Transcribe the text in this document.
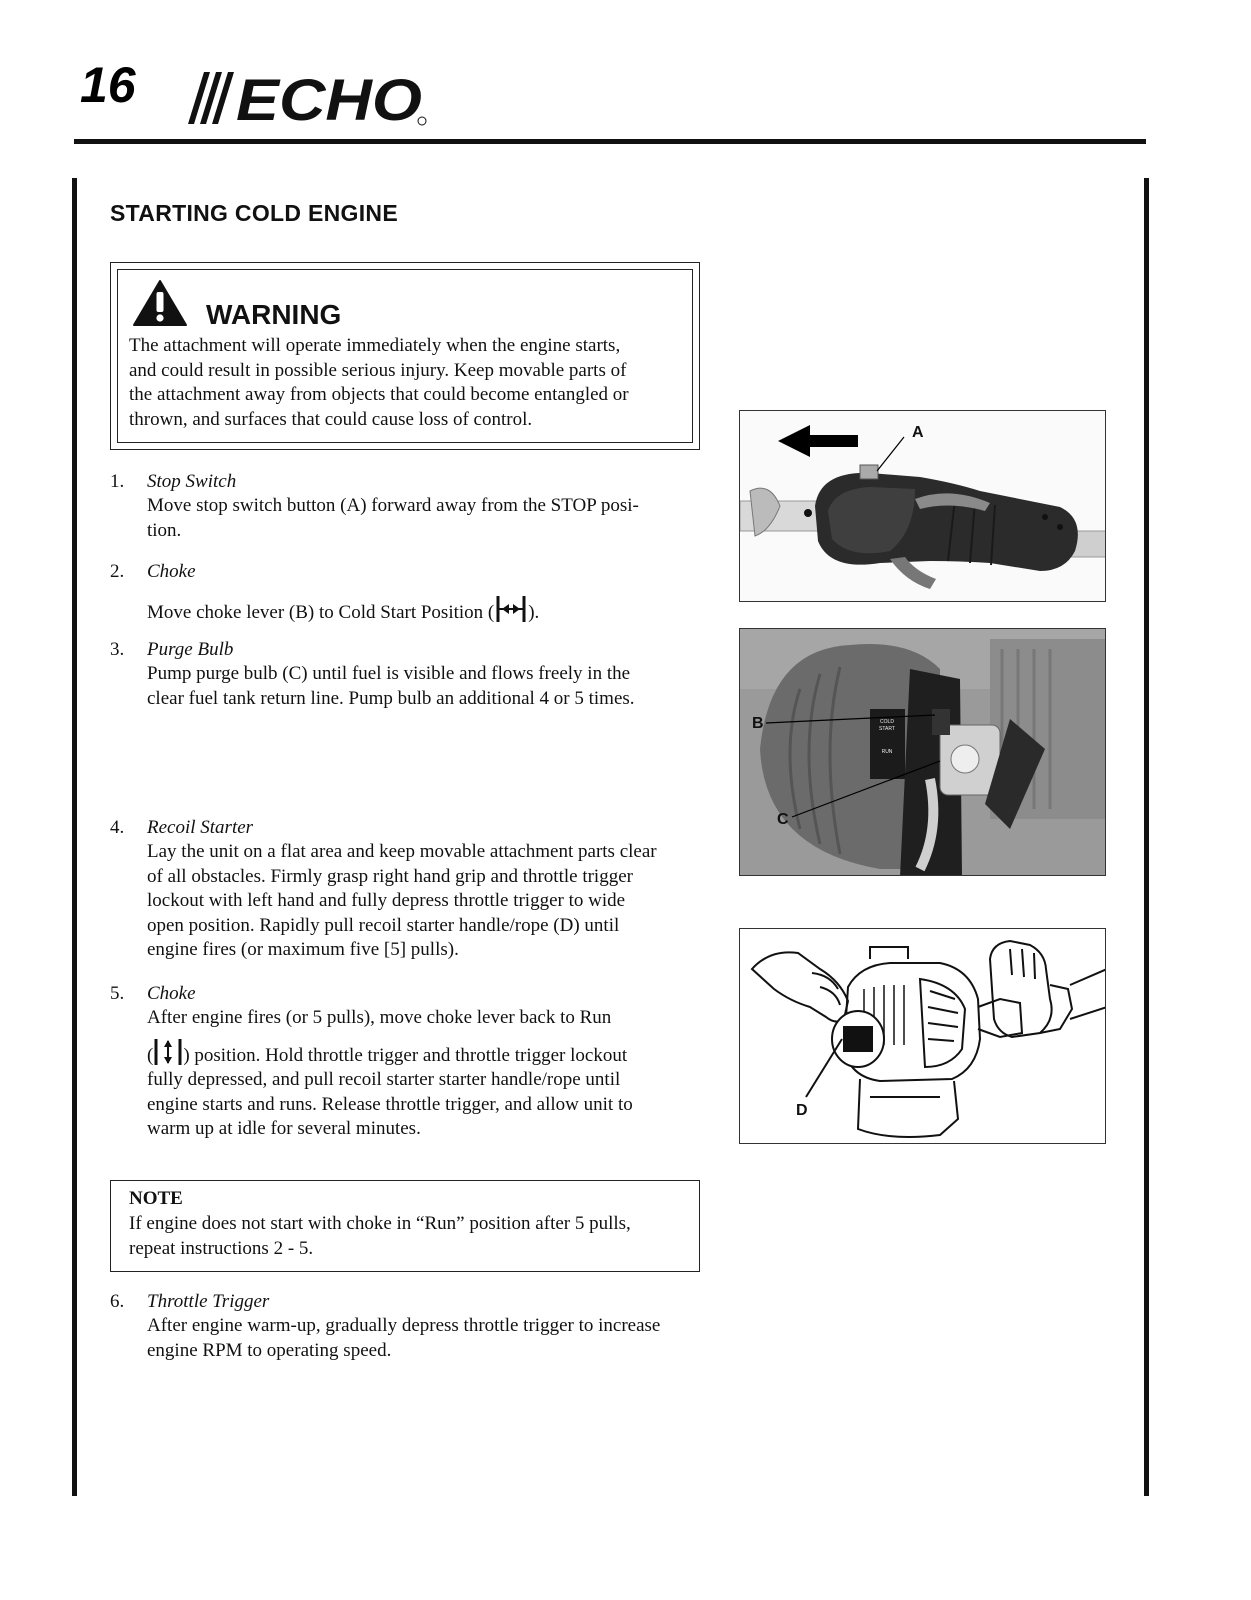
16 ECHO
STARTING COLD ENGINE
WARNING
The attachment will operate immediately when the engine starts,
and could result in possible serious injury. Keep movable parts of
the attachment away from objects that could become entangled or
thrown, and surfaces that could cause loss of control.
1. Stop Switch
Move stop switch button (A) forward away from the STOP posi-
tion.
2. Choke
Move choke lever (B) to Cold Start Position ( ).
3. Purge Bulb
Pump purge bulb (C) until fuel is visible and flows freely in the
clear fuel tank return line. Pump bulb an additional 4 or 5 times.
4. Recoil Starter
Lay the unit on a flat area and keep movable attachment parts clear
of all obstacles. Firmly grasp right hand grip and throttle trigger
lockout with left hand and fully depress throttle trigger to wide
open position. Rapidly pull recoil starter handle/rope (D) until
engine fires (or maximum five [5] pulls).
5. Choke
After engine fires (or 5 pulls), move choke lever back to Run
( ) position. Hold throttle trigger and throttle trigger lockout
fully depressed, and pull recoil starter starter handle/rope until
engine starts and runs. Release throttle trigger, and allow unit to
warm up at idle for several minutes.
NOTE
If engine does not start with choke in “Run” position after 5 pulls,
repeat instructions 2 - 5.
6. Throttle Trigger
After engine warm-up, gradually depress throttle trigger to increase
engine RPM to operating speed.
A
COLD
START
RUN
B
C
D
